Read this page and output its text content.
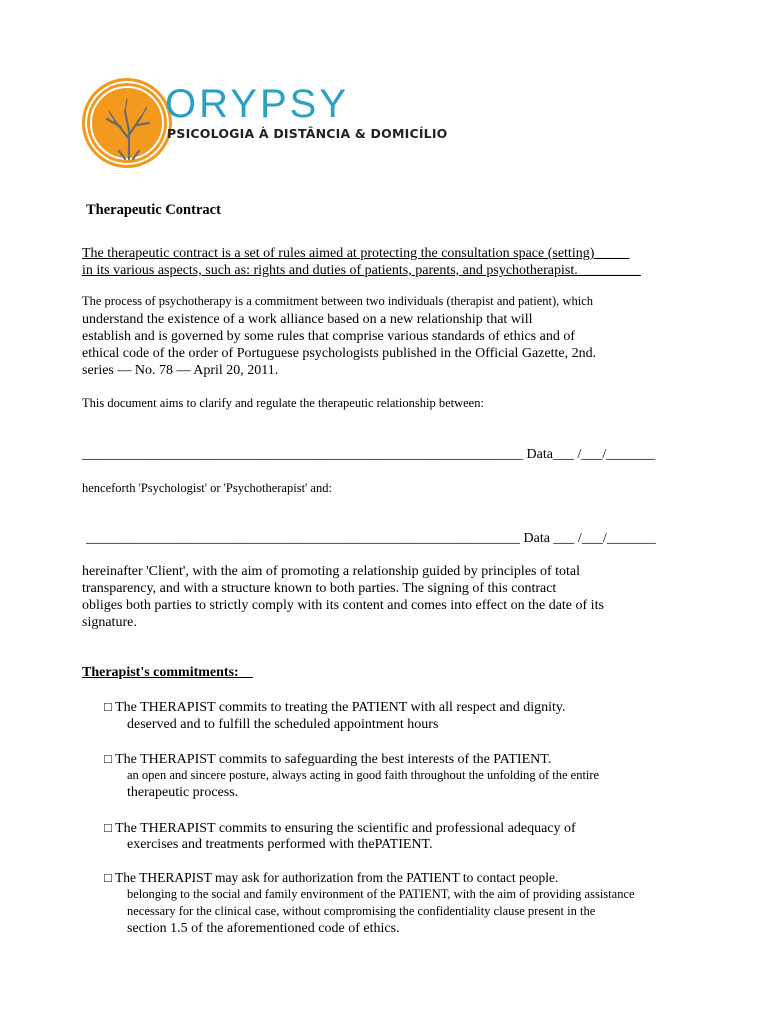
ORYPSY
PSICOLOGIA À DISTÂNCIA & DOMICÍLIO
Therapeutic Contract
The therapeutic contract is a set of rules aimed at protecting the consultation space (setting)_____
in its various aspects, such as: rights and duties of patients, parents, and psychotherapist._________
The process of psychotherapy is a commitment between two individuals (therapist and patient), which
understand the existence of a work alliance based on a new relationship that will
establish and is governed by some rules that comprise various standards of ethics and of
ethical code of the order of Portuguese psychologists published in the Official Gazette, 2nd.
series — No. 78 — April 20, 2011.
This document aims to clarify and regulate the therapeutic relationship between:
_______________________________________________________________ Data___ /___/_______
henceforth 'Psychologist' or 'Psychotherapist' and:
______________________________________________________________ Data ___ /___/_______
hereinafter 'Client', with the aim of promoting a relationship guided by principles of total
transparency, and with a structure known to both parties. The signing of this contract
obliges both parties to strictly comply with its content and comes into effect on the date of its
signature.
Therapist's commitments:__
□ The THERAPIST commits to treating the PATIENT with all respect and dignity.
deserved and to fulfill the scheduled appointment hours
□ The THERAPIST commits to safeguarding the best interests of the PATIENT.
an open and sincere posture, always acting in good faith throughout the unfolding of the entire
therapeutic process.
□ The THERAPIST commits to ensuring the scientific and professional adequacy of
exercises and treatments performed with thePATIENT.
□ The THERAPIST may ask for authorization from the PATIENT to contact people.
belonging to the social and family environment of the PATIENT, with the aim of providing assistance
necessary for the clinical case, without compromising the confidentiality clause present in the
section 1.5 of the aforementioned code of ethics.
